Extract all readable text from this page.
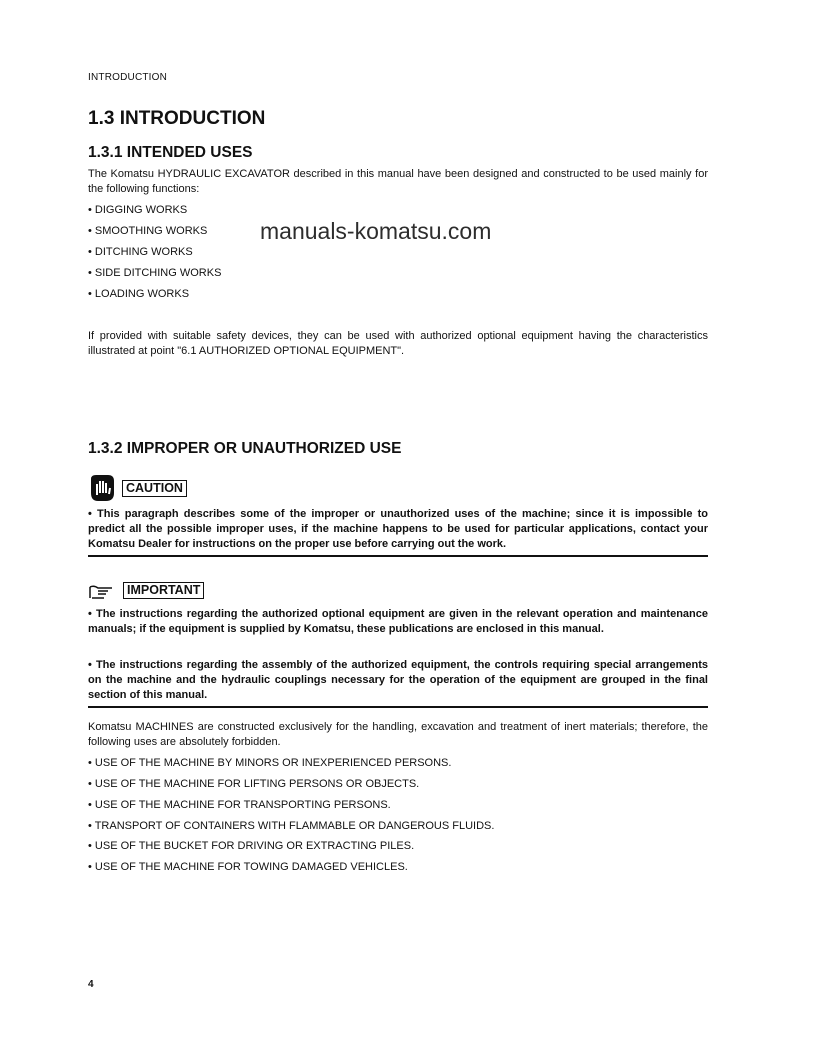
INTRODUCTION
1.3 INTRODUCTION
1.3.1 INTENDED USES
The Komatsu HYDRAULIC EXCAVATOR described in this manual have been designed and constructed to be used mainly for the following functions:
• DIGGING WORKS
• SMOOTHING WORKS
• DITCHING WORKS
• SIDE DITCHING WORKS
• LOADING WORKS
manuals-komatsu.com
If provided with suitable safety devices, they can be used with authorized optional equipment having the characteristics illustrated at point "6.1 AUTHORIZED OPTIONAL EQUIPMENT".
1.3.2 IMPROPER OR UNAUTHORIZED USE
CAUTION
• This paragraph describes some of the improper or unauthorized uses of the machine; since it is impossible to predict all the possible improper uses, if the machine happens to be used for particular applications, contact your Komatsu Dealer for instructions on the proper use before carrying out the work.
IMPORTANT
• The instructions regarding the authorized optional equipment are given in the relevant operation and maintenance manuals; if the equipment is supplied by Komatsu, these publications are enclosed in this manual.
• The instructions regarding the assembly of the authorized equipment, the controls requiring special arrangements on the machine and the hydraulic couplings necessary for the operation of the equipment are grouped in the final section of this manual.
Komatsu MACHINES are constructed exclusively for the handling, excavation and treatment of inert materials; therefore, the following uses are absolutely forbidden.
• USE OF THE MACHINE BY MINORS OR INEXPERIENCED PERSONS.
• USE OF THE MACHINE FOR LIFTING PERSONS OR OBJECTS.
• USE OF THE MACHINE FOR TRANSPORTING PERSONS.
• TRANSPORT OF CONTAINERS WITH FLAMMABLE OR DANGEROUS FLUIDS.
• USE OF THE BUCKET FOR DRIVING OR EXTRACTING PILES.
• USE OF THE MACHINE FOR TOWING DAMAGED VEHICLES.
4
